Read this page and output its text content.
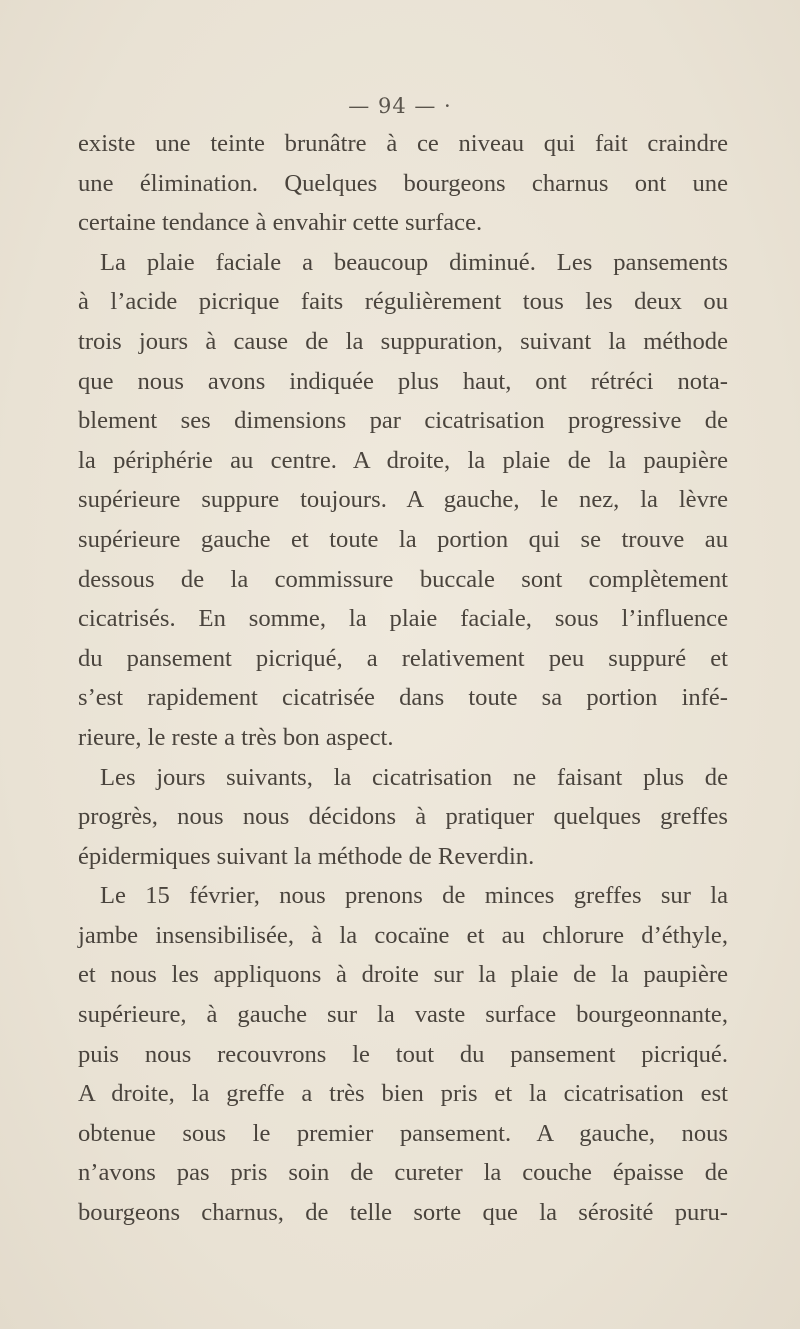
— 94 — ·
existe une teinte brunâtre à ce niveau qui fait craindre
une élimination. Quelques bourgeons charnus ont une
certaine tendance à envahir cette surface.
La plaie faciale a beaucoup diminué. Les pansements
à l’acide picrique faits régulièrement tous les deux ou
trois jours à cause de la suppuration, suivant la méthode
que nous avons indiquée plus haut, ont rétréci nota-
blement ses dimensions par cicatrisation progressive de
la périphérie au centre. A droite, la plaie de la paupière
supérieure suppure toujours. A gauche, le nez, la lèvre
supérieure gauche et toute la portion qui se trouve au
dessous de la commissure buccale sont complètement
cicatrisés. En somme, la plaie faciale, sous l’influence
du pansement picriqué, a relativement peu suppuré et
s’est rapidement cicatrisée dans toute sa portion infé-
rieure, le reste a très bon aspect.
Les jours suivants, la cicatrisation ne faisant plus de
progrès, nous nous décidons à pratiquer quelques greffes
épidermiques suivant la méthode de Reverdin.
Le 15 février, nous prenons de minces greffes sur la
jambe insensibilisée, à la cocaïne et au chlorure d’éthyle,
et nous les appliquons à droite sur la plaie de la paupière
supérieure, à gauche sur la vaste surface bourgeonnante,
puis nous recouvrons le tout du pansement picriqué.
A droite, la greffe a très bien pris et la cicatrisation est
obtenue sous le premier pansement. A gauche, nous
n’avons pas pris soin de cureter la couche épaisse de
bourgeons charnus, de telle sorte que la sérosité puru-
